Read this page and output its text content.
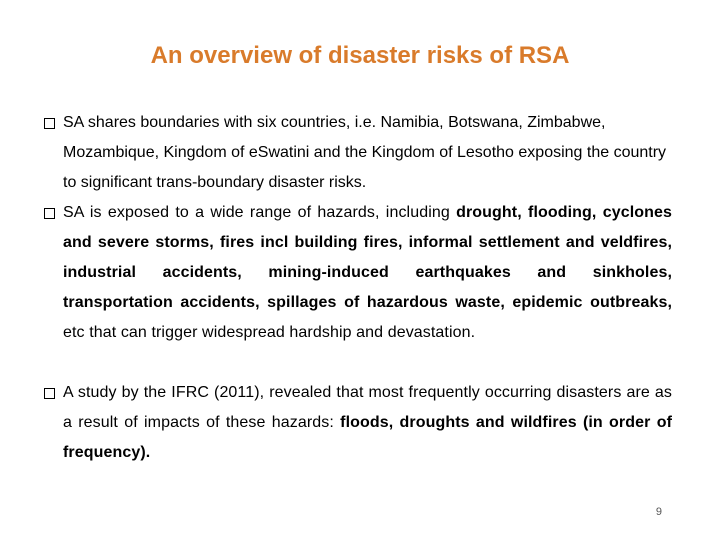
An overview of disaster risks of RSA
SA shares boundaries with six countries, i.e. Namibia, Botswana, Zimbabwe, Mozambique, Kingdom of eSwatini and the Kingdom of Lesotho exposing the country to significant trans-boundary disaster risks.
SA is exposed to a wide range of hazards, including drought, flooding, cyclones and severe storms, fires incl building fires, informal settlement and veldfires, industrial accidents, mining-induced earthquakes and sinkholes, transportation accidents, spillages of hazardous waste, epidemic outbreaks, etc that can trigger widespread hardship and devastation.
A study by the IFRC (2011), revealed that most frequently occurring disasters are as a result of impacts of these hazards: floods, droughts and wildfires (in order of frequency).
9
